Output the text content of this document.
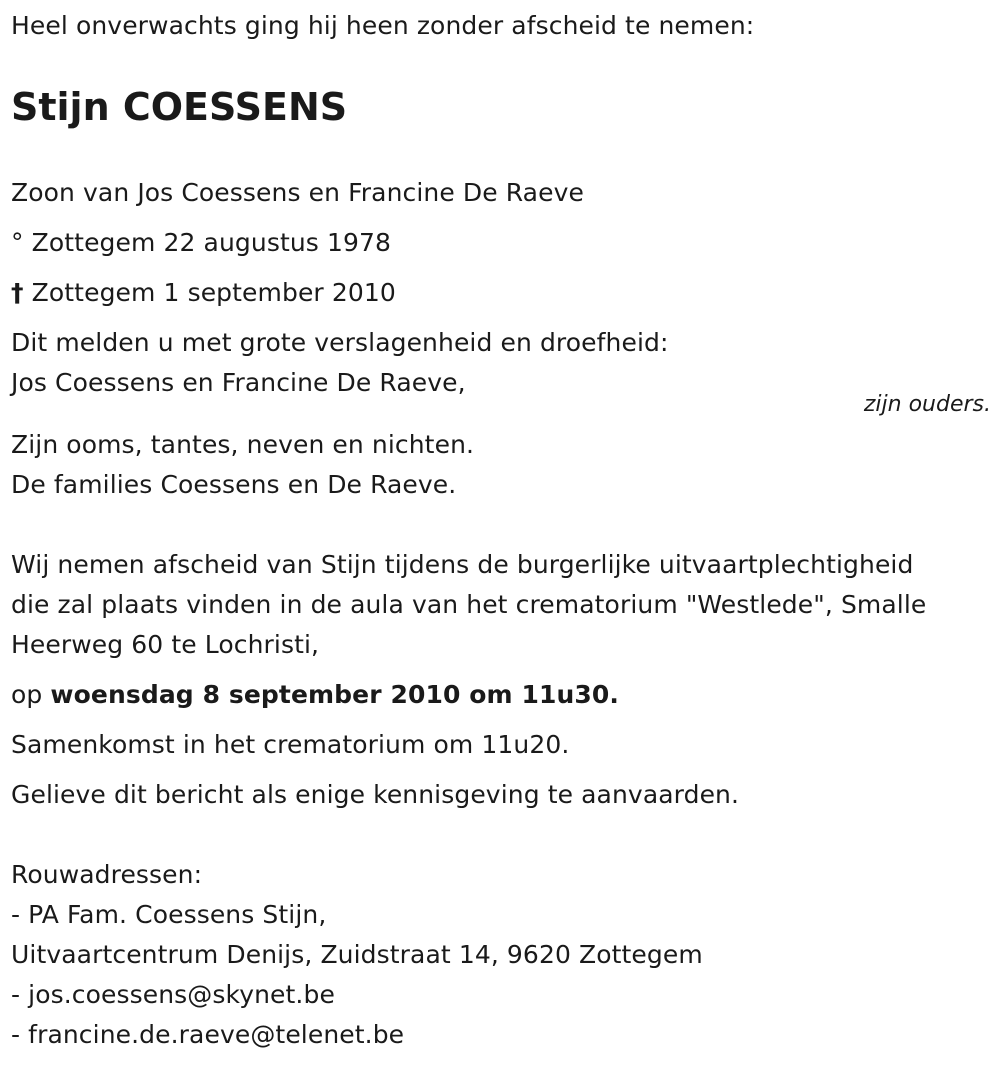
Heel onverwachts ging hij heen zonder afscheid te nemen:
Stijn COESSENS
Zoon van Jos Coessens en Francine De Raeve
° Zottegem 22 augustus 1978
† Zottegem 1 september 2010
Dit melden u met grote verslagenheid en droefheid:
Jos Coessens en Francine De Raeve,
zijn ouders.
Zijn ooms, tantes, neven en nichten.
De families Coessens en De Raeve.
Wij nemen afscheid van Stijn tijdens de burgerlijke uitvaartplechtigheid
die zal plaats vinden in de aula van het crematorium "Westlede", Smalle
Heerweg 60 te Lochristi,
op woensdag 8 september 2010 om 11u30.
Samenkomst in het crematorium om 11u20.
Gelieve dit bericht als enige kennisgeving te aanvaarden.
Rouwadressen:
- PA Fam. Coessens Stijn,
Uitvaartcentrum Denijs, Zuidstraat 14, 9620 Zottegem
- jos.coessens@skynet.be
- francine.de.raeve@telenet.be
